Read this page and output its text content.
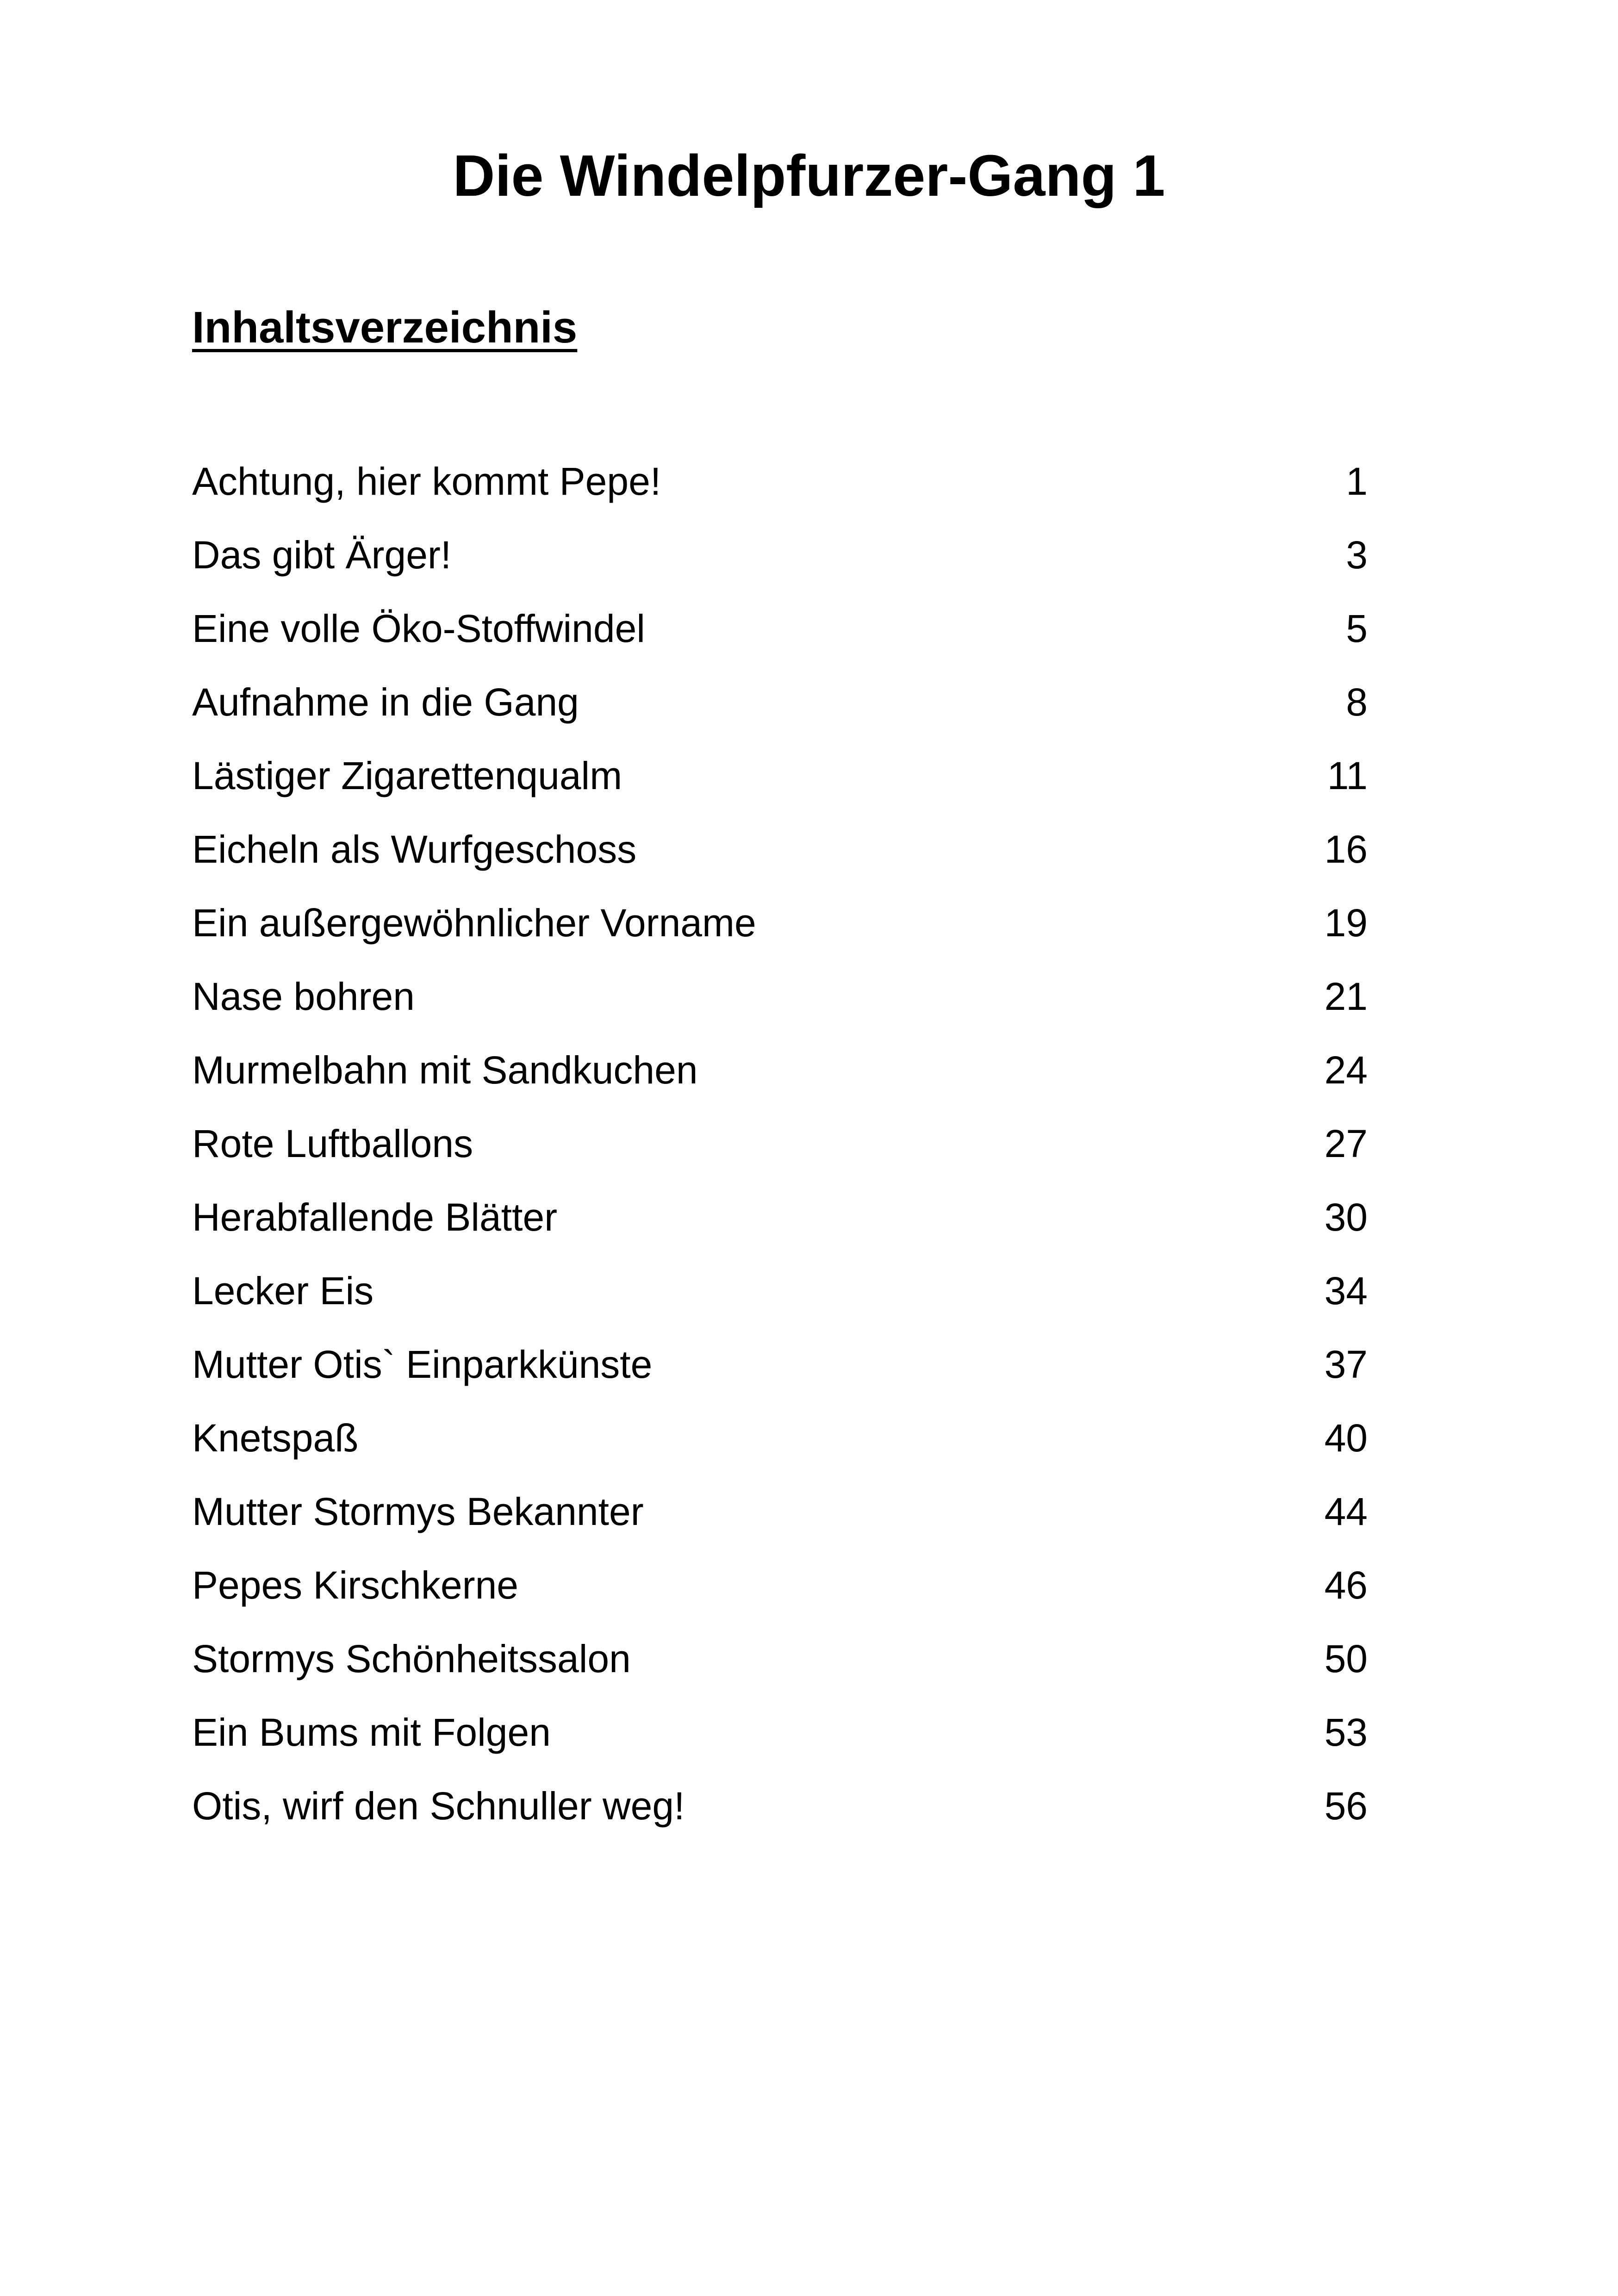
Die Windelpfurzer-Gang 1
Inhaltsverzeichnis
Achtung, hier kommt Pepe!	1
Das gibt Ärger!	3
Eine volle Öko-Stoffwindel	5
Aufnahme in die Gang	8
Lästiger Zigarettenqualm	11
Eicheln als Wurfgeschoss	16
Ein außergewöhnlicher Vorname	19
Nase bohren	21
Murmelbahn mit Sandkuchen	24
Rote Luftballons	27
Herabfallende Blätter	30
Lecker Eis	34
Mutter Otis` Einparkkünste	37
Knetspaß	40
Mutter Stormys Bekannter	44
Pepes Kirschkerne	46
Stormys Schönheitssalon	50
Ein Bums mit Folgen	53
Otis, wirf den Schnuller weg!	56
